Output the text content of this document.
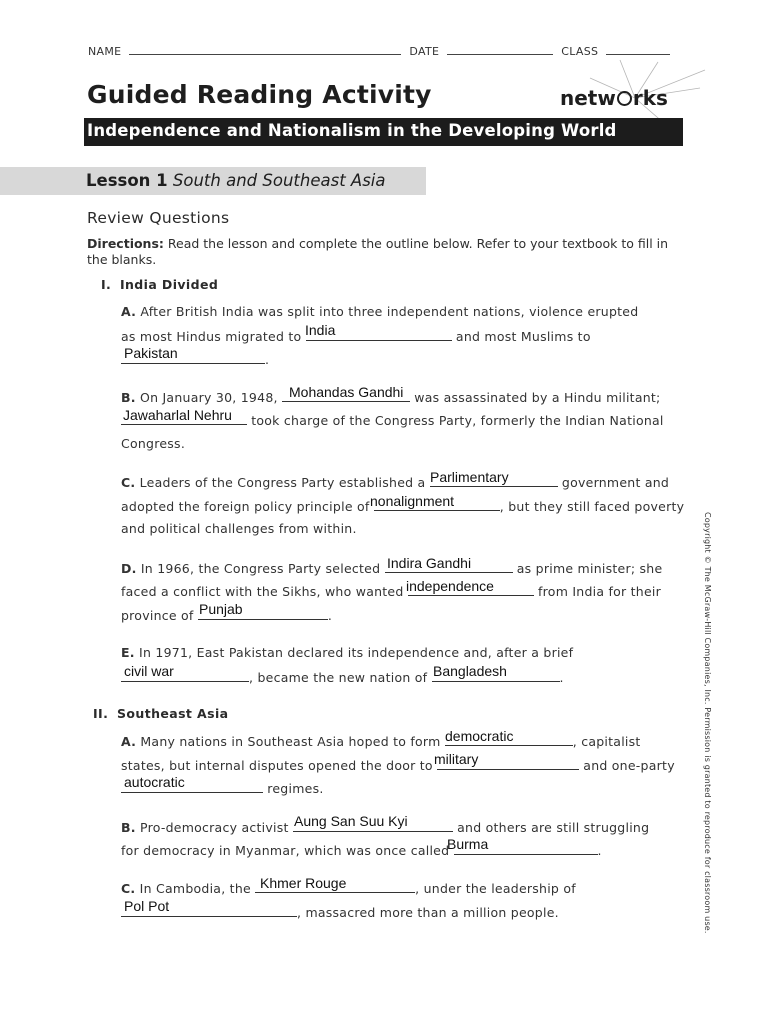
NAME	DATE	CLASS
Guided Reading Activity	netw rks
Independence and Nationalism in the Developing World
Lesson 1 South and Southeast Asia
Review Questions
Directions: Read the lesson and complete the outline below. Refer to your textbook to fill in the blanks.
I. India Divided
A. After British India was split into three independent nations, violence erupted
as most Hindus migrated to	and most Muslims to
.
India
Pakistan
B. On January 30, 1948,	was assassinated by a Hindu militant;
took charge of the Congress Party, formerly the Indian National
Congress.
Mohandas Gandhi
Jawaharlal Nehru
C. Leaders of the Congress Party established a	government and
adopted the foreign policy principle of	, but they still faced poverty
and political challenges from within.
Parlimentary
nonalignment
D. In 1966, the Congress Party selected	as prime minister; she
faced a conflict with the Sikhs, who wanted	from India for their
province of	.
Indira Gandhi
independence
Punjab
E. In 1971, East Pakistan declared its independence and, after a brief
, became the new nation of	.
civil war	Bangladesh
II. Southeast Asia
A. Many nations in Southeast Asia hoped to form	, capitalist
states, but internal disputes opened the door to	and one-party
regimes.
democratic
military
autocratic
B. Pro-democracy activist	and others are still struggling
for democracy in Myanmar, which was once called	.
Aung San Suu Kyi
Burma
C. In Cambodia, the	, under the leadership of
, massacred more than a million people.
Khmer Rouge
Pol Pot	Copyright © The McGraw-Hill Companies, Inc. Permission is granted to reproduce for classroom use.
